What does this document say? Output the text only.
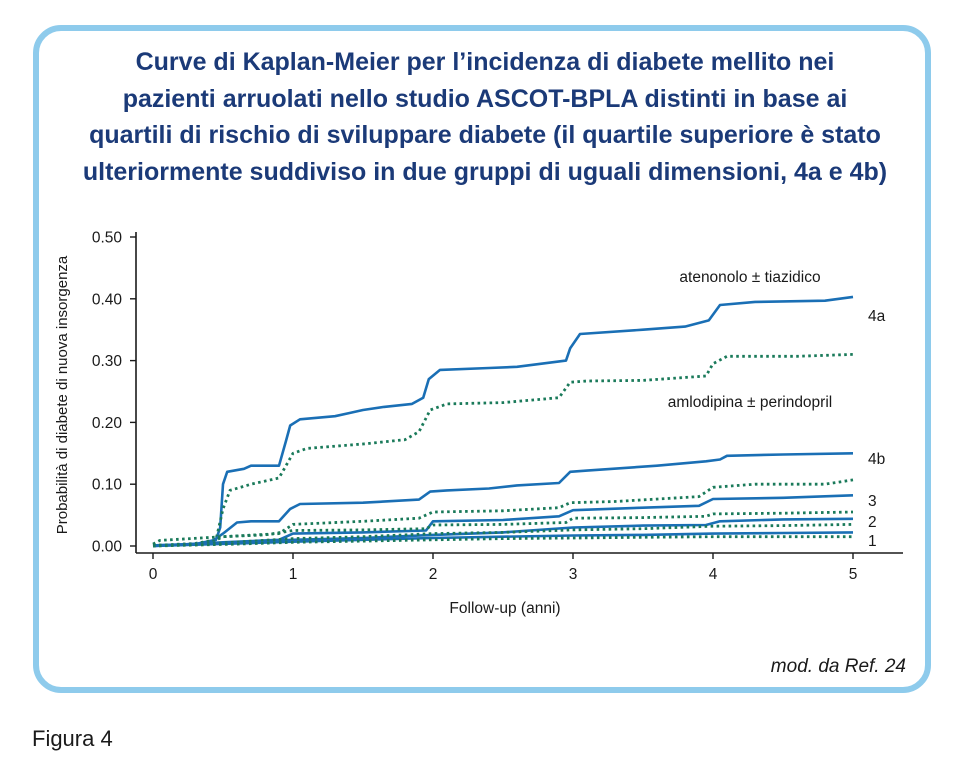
Curve di Kaplan-Meier per l’incidenza di diabete mellito nei
pazienti arruolati nello studio ASCOT-BPLA distinti in base ai
quartili di rischio di sviluppare diabete (il quartile superiore è stato
ulteriormente suddiviso in due gruppi di uguali dimensioni, 4a e 4b)
0.00
0.10
0.20
0.30
0.40
0.50
0	1	2	3	4	5
Follow-up (anni)
Probabilità di diabete di nuova insorgenza	atenonolo ± tiazidico
amlodipina ± perindopril
4a
4b
3
2
1
mod. da Ref. 24
Figura 4
